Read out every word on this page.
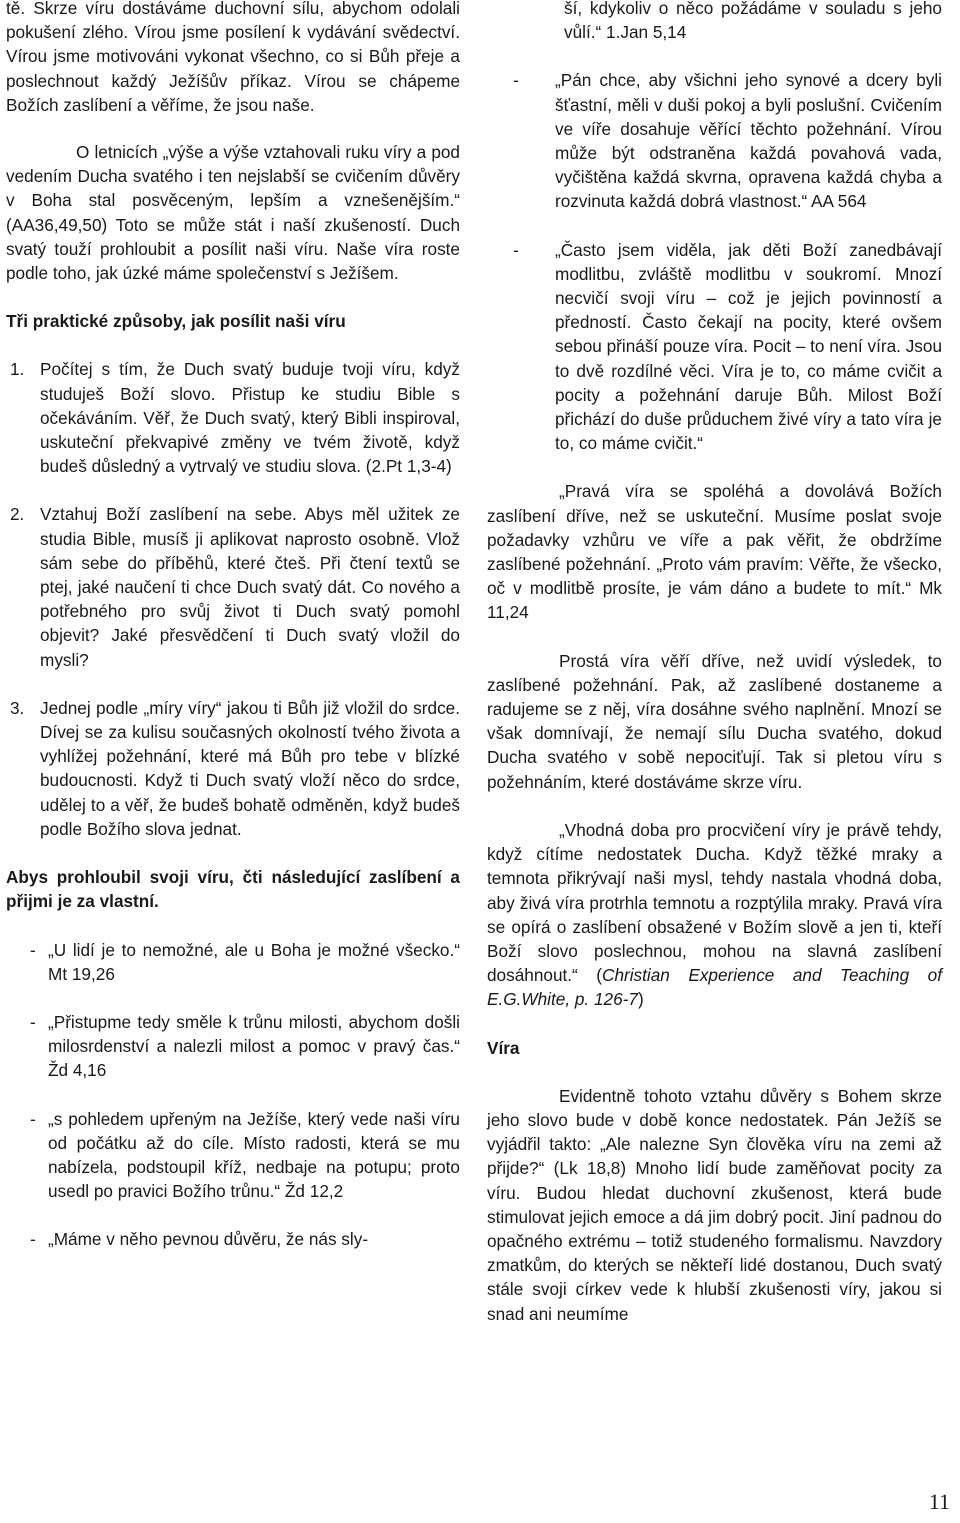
tě. Skrze víru dostáváme duchovní sílu, abychom odolali pokušení zlého. Vírou jsme posílení k vydávání svědectví. Vírou jsme motivováni vykonat všechno, co si Bůh přeje a poslechnout každý Ježíšův příkaz. Vírou se chápeme Božích zaslíbení a věříme, že jsou naše.

O letnicích „výše a výše vztahovali ruku víry a pod vedením Ducha svatého i ten nejslabší se cvičením důvěry v Boha stal posvěceným, lepším a vznešenějším.“ (AA36,49,50) Toto se může stát i naší zkušeností. Duch svatý touží prohloubit a posílit naši víru. Naše víra roste podle toho, jak úzké máme společenství s Ježíšem.

Tři praktické způsoby, jak posílit naši víru

1. Počítej s tím, že Duch svatý buduje tvoji víru, když studuješ Boží slovo. Přistup ke studiu Bible s očekáváním. Věř, že Duch svatý, který Bibli inspiroval, uskuteční překvapivé změny ve tvém životě, když budeš důsledný a vytrvalý ve studiu slova. (2.Pt 1,3-4)
2. Vztahuj Boží zaslíbení na sebe. Abys měl užitek ze studia Bible, musíš ji aplikovat naprosto osobně. Vlož sám sebe do příběhů, které čteš. Při čtení textů se ptej, jaké naučení ti chce Duch svatý dát. Co nového a potřebného pro svůj život ti Duch svatý pomohl objevit? Jaké přesvědčení ti Duch svatý vložil do mysli?
3. Jednej podle „míry víry“ jakou ti Bůh již vložil do srdce. Dívej se za kulisu současných okolností tvého života a vyhlížej požehnání, které má Bůh pro tebe v blízké budoucnosti. Když ti Duch svatý vloží něco do srdce, udělej to a věř, že budeš bohatě odměněn, když budeš podle Božího slova jednat.

Abys prohloubil svoji víru, čti následující zaslíbení a přijmi je za vlastní.

- „U lidí je to nemožné, ale u Boha je možné všecko.“ Mt 19,26
- „Přistupme tedy směle k trůnu milosti, abychom došli milosrdenství a nalezli milost a pomoc v pravý čas.“ Žd 4,16
- „s pohledem upřeným na Ježíše, který vede naši víru od počátku až do cíle. Místo radosti, která se mu nabízela, podstoupil kříž, nedbaje na potupu; proto usedl po pravici Božího trůnu.“ Žd 12,2
- „Máme v něho pevnou důvěru, že nás sly-

ší, kdykoliv o něco požádáme v souladu s jeho vůlí.“ 1.Jan 5,14

-	„Pán chce, aby všichni jeho synové a dcery byli šťastní, měli v duši pokoj a byli poslušní. Cvičením ve víře dosahuje věřící těchto požehnání. Vírou může být odstraněna každá povahová vada, vyčištěna každá skvrna, opravena každá chyba a rozvinuta každá dobrá vlastnost.“ AA 564
-	„Často jsem viděla, jak děti Boží zanedbávají modlitbu, zvláště modlitbu v soukromí. Mnozí necvičí svoji víru – což je jejich povinností a předností. Často čekají na pocity, které ovšem sebou přináší pouze víra. Pocit – to není víra. Jsou to dvě rozdílné věci. Víra je to, co máme cvičit a pocity a požehnání daruje Bůh. Milost Boží přichází do duše průduchem živé víry a tato víra je to, co máme cvičit.“

„Pravá víra se spoléhá a dovolává Božích zaslíbení dříve, než se uskuteční. Musíme poslat svoje požadavky vzhůru ve víře a pak věřit, že obdržíme zaslíbené požehnání. „Proto vám pravím: Věřte, že všecko, oč v modlitbě prosíte, je vám dáno a budete to mít.“ Mk 11,24

Prostá víra věří dříve, než uvidí výsledek, to zaslíbené požehnání. Pak, až zaslíbené dostaneme a radujeme se z něj, víra dosáhne svého naplnění. Mnozí se však domnívají, že nemají sílu Ducha svatého, dokud Ducha svatého v sobě nepociťují. Tak si pletou víru s požehnáním, které dostáváme skrze víru.

„Vhodná doba pro procvičení víry je právě tehdy, když cítíme nedostatek Ducha. Když těžké mraky a temnota přikrývají naši mysl, tehdy nastala vhodná doba, aby živá víra protrhla temnotu a rozptýlila mraky. Pravá víra se opírá o zaslíbení obsažené v Božím slově a jen ti, kteří Boží slovo poslechnou, mohou na slavná zaslíbení dosáhnout.“ (Christian Experience and Teaching of E.G.White, p. 126-7)

Víra

Evidentně tohoto vztahu důvěry s Bohem skrze jeho slovo bude v době konce nedostatek. Pán Ježíš se vyjádřil takto: „Ale nalezne Syn člověka víru na zemi až přijde?“ (Lk 18,8) Mnoho lidí bude zaměňovat pocity za víru. Budou hledat duchovní zkušenost, která bude stimulovat jejich emoce a dá jim dobrý pocit. Jiní padnou do opačného extrému – totiž studeného formalismu. Navzdory zmatkům, do kterých se někteří lidé dostanou, Duch svatý stále svoji církev vede k hlubší zkušenosti víry, jakou si snad ani neumíme

11
